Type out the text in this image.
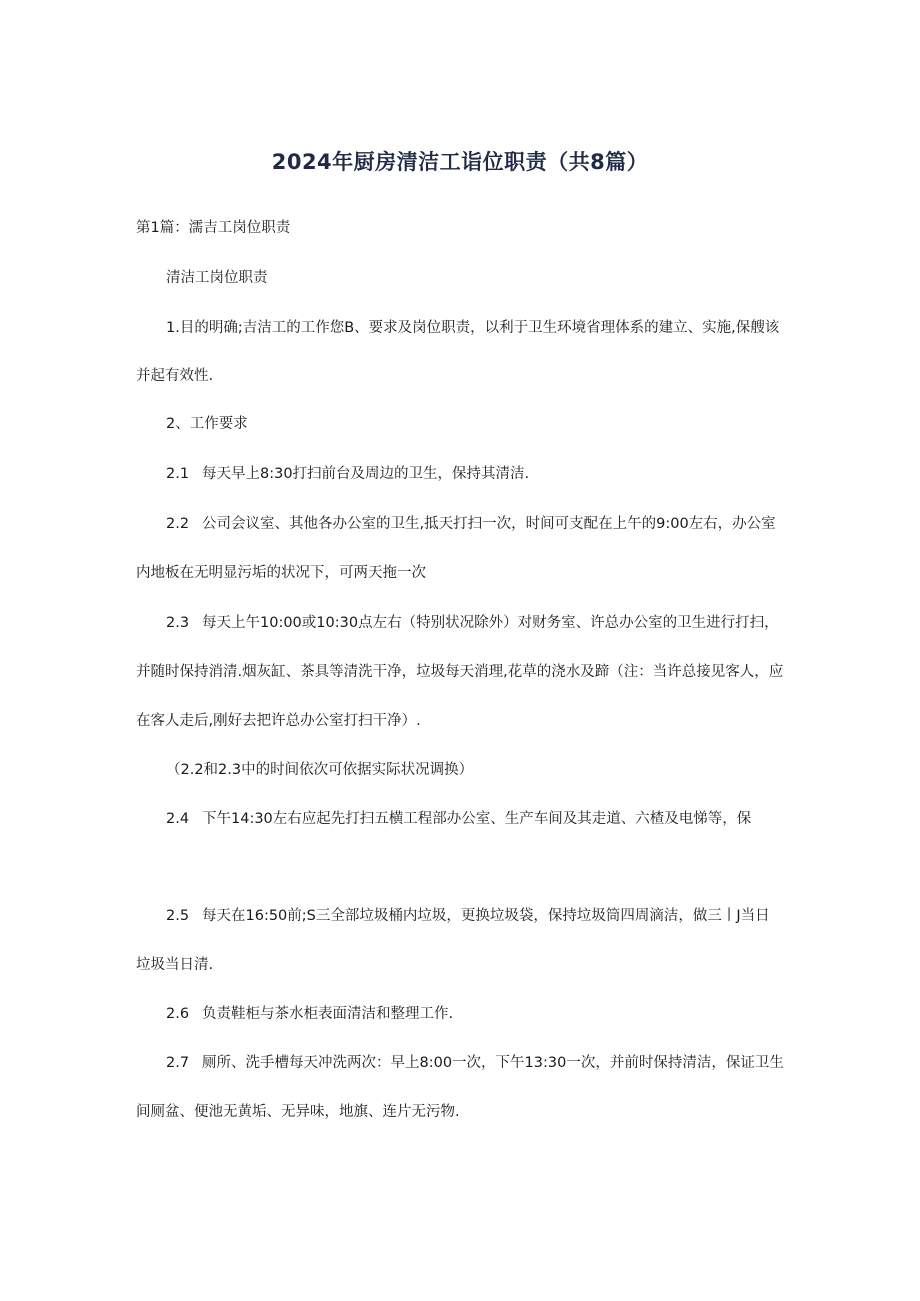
2024年厨房清洁工诣位职责（共8篇）
第1篇：濡吉工岗位职责
清洁工岗位职责
1.目的明确;吉洁工的工作您B、要求及岗位职责，以利于卫生环境省理体系的建立、实施,保艘该
并起有效性.
2、工作要求
2.1 每天早上8:30打扫前台及周边的卫生，保持其清洁.
2.2 公司会议室、其他各办公室的卫生,抵天打扫一次，时间可支配在上午的9:00左右，办公室
内地板在无明显污垢的状况下，可两天拖一次
2.3 每天上午10:00或10:30点左右（特别状况除外）对财务室、许总办公室的卫生进行打扫，
并随时保持消清.烟灰缸、茶具等清洗干净，垃圾每天消理,花草的浇水及蹄（注：当许总接见客人，应
在客人走后,刚好去把许总办公室打扫干净）.
（2.2和2.3中的时间依次可依据实际状况调换）
2.4 下午14:30左右应起先打扫五横工程部办公室、生产车间及其走道、六楂及电悌等，保
2.5 每天在16:50前;S三全部垃圾桶内垃圾，更换垃圾袋，保持垃圾筒四周滴洁，做三丨J当日
垃圾当日清.
2.6 负责鞋柜与茶水柜表面清洁和整理工作.
2.7 厕所、洗手槽每天冲洗两次：早上8:00一次，下午13:30一次，并前时保持清洁，保证卫生
间厕盆、便池无黄垢、无异味，地旗、连片无污物.
